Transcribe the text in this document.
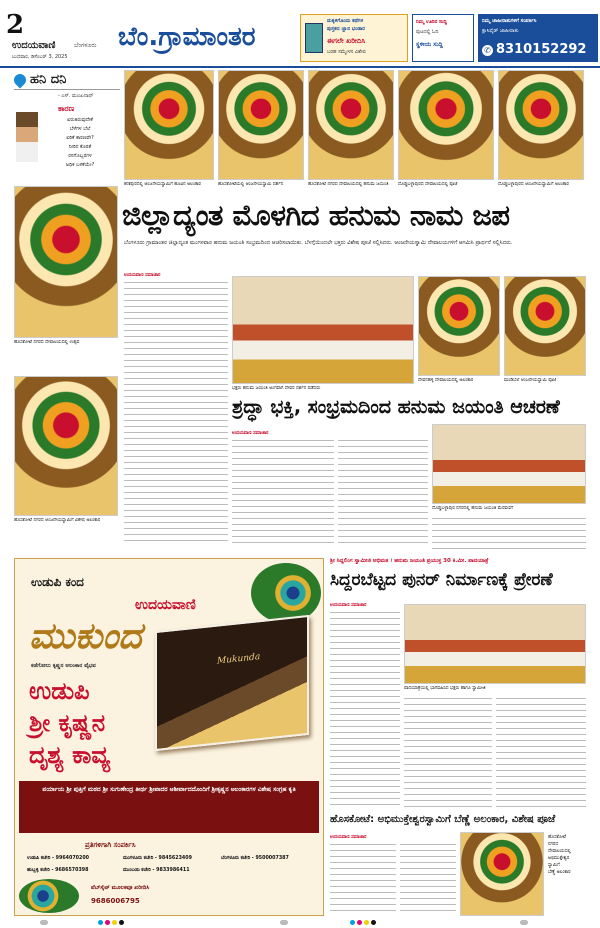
2
ಉದಯವಾಣಿ	ಬೆಂಗಳೂರು
ಬುಧವಾರ, ಡಿಸೆಂಬರ್ 3, 2025
ಬೆಂ.ಗ್ರಾಮಾಂತರ
ಮಕ್ಕಳಿಗೊಂದು ಕಥೆಗಳ
ಪುಸ್ತಕದ ಜ್ಞಾನ ಭಂಡಾರ
ಈಗಲೇ ಖರೀದಿಸಿ
ಬರಹ ಸಮ್ಮೇಳನ ವಿಶೇಷ
ನಿಮ್ಮ ಊರಿನ ಸುದ್ದಿ
ಪುಟದಲ್ಲಿ ಓದಿ
ಸ್ಥಳೀಯ ಸುದ್ದಿ
ನಿಮ್ಮ ಜಾಹೀರಾತುಗಳಿಗೆ ಸಂಪರ್ಕಿಸಿ
ಕ್ಲಾಸಿಫೈಡ್ ಜಾಹೀರಾತು
✆ 8310152292
ಹನಿ ದನಿ
- ಎಸ್. ಮಂಜುನಾಥ್
ಕಾರಣ
ಏರುತಿರುವುದೇಕೆ
ಬೆಳೆಗಳ ಬೆಲೆ
ಏರಿಕೆ ಕಾರಣವೇ?
ನೀರಿನ ಕೊರತೆ
ರಸಗೊಬ್ಬರಗಳ
ಅಧಿಕ ಬಳಕೆಯೇ?
ಕನಕಪುರದಲ್ಲಿ ಆಂಜನೇಯಸ್ವಾಮಿಗೆ ಹೂವಿನ ಅಲಂಕಾರ	ಹೊಸಕೋಟೆಯಲ್ಲಿ ಆಂಜನೇಯಸ್ವಾಮಿ ದರ್ಶನ	ಹೊಸಕೋಟೆ ನಗರದ ದೇವಾಲಯದಲ್ಲಿ ಹನುಮ ಜಯಂತಿ	ದೊಡ್ಡಬಳ್ಳಾಪುರದ ದೇವಾಲಯದಲ್ಲಿ ಪೂಜೆ	ದೊಡ್ಡಬಳ್ಳಾಪುರದ ಆಂಜನೇಯಸ್ವಾಮಿಗೆ ಅಲಂಕಾರ
ಜಿಲ್ಲಾದ್ಯಂತ ಮೊಳಗಿದ ಹನುಮ ನಾಮ ಜಪ
ಬೆಂಗಳೂರು ಗ್ರಾಮಾಂತರ ಜಿಲ್ಲಾದ್ಯಂತ ಮಂಗಳವಾರ ಹನುಮ ಜಯಂತಿ ಸಂಭ್ರಮದಿಂದ ಆಚರಿಸಲಾಯಿತು. ಬೆಳಗ್ಗೆಯಿಂದಲೇ ಭಕ್ತರು ವಿಶೇಷ ಪೂಜೆ ಸಲ್ಲಿಸಿದರು. ಆಂಜನೇಯಸ್ವಾಮಿ ದೇವಾಲಯಗಳಿಗೆ ಆಗಮಿಸಿ ಪ್ರಾರ್ಥನೆ ಸಲ್ಲಿಸಿದರು.
ಹೊಸಕೋಟೆ ನಗರದ ದೇವಾಲಯದಲ್ಲಿ ಉತ್ಸವ
ಹೊಸಕೋಟೆ ನಗರದ ಆಂಜನೇಯಸ್ವಾಮಿಗೆ ವಿಶೇಷ ಅಲಂಕಾರ
ಉದಯವಾಣಿ ಸಮಾಚಾರ
ಭಕ್ತರು ಹನುಮ ಜಯಂತಿ ಅಂಗವಾಗಿ ದೇವರ ದರ್ಶನ ಪಡೆದರು
ದೇವನಹಳ್ಳಿ ದೇವಾಲಯದಲ್ಲಿ ಅಲಂಕಾರ	ಮಂಡಿಬೆಲೆ ಆಂಜನೇಯಸ್ವಾಮಿ ಪೂಜೆ
ಶ್ರದ್ಧಾ ಭಕ್ತಿ, ಸಂಭ್ರಮದಿಂದ ಹನುಮ ಜಯಂತಿ ಆಚರಣೆ
ಉದಯವಾಣಿ ಸಮಾಚಾರ
ದೊಡ್ಡಬಳ್ಳಾಪುರ ನಗರದಲ್ಲಿ ಹನುಮ ಜಯಂತಿ ಮೆರವಣಿಗೆ
ಉಡುಪಿ ಕಂದ
ಉದಯವಾಣಿ
ಮುಕುಂದ
ಕಡೆಗೋಲು ಕೃಷ್ಣನ ಅಲಂಕಾರ ವೈಭವ
ಉಡುಪಿ
ಶ್ರೀ ಕೃಷ್ಣನ
ದೃಶ್ಯ ಕಾವ್ಯ
Mukunda
ಪರ್ಯಾಯ ಶ್ರೀ ಪುತ್ತಿಗೆ ಮಠದ ಶ್ರೀ ಸುಗುಣೇಂದ್ರ ತೀರ್ಥ ಶ್ರೀಪಾದರ ಆಶೀರ್ವಾದದೊಂದಿಗೆ ಶ್ರೀಕೃಷ್ಣನ ಅಲಂಕಾರಗಳ ವಿಶೇಷ ಸಂಗ್ರಹ ಕೃತಿ
ಪ್ರತಿಗಳಿಗಾಗಿ ಸಂಪರ್ಕಿಸಿ
ಉಡುಪಿ ಕಚೇರಿ - 9964070200	ಮಂಗಳೂರು ಕಚೇರಿ - 9845623409	ಬೆಂಗಳೂರು ಕಚೇರಿ - 9500007387
ಹುಬ್ಬಳ್ಳಿ ಕಚೇರಿ - 9686570398	ಮುಂಬಯಿ ಕಚೇರಿ - 9833986411
ವೆಬ್‌ಸೈಟ್ ಮೂಲಕವೂ ಖರೀದಿಸಿ
9686006795
ಶ್ರೀ ಸಿದ್ದಲಿಂಗ ಸ್ವಾಮೀಜಿ ಅಭಿಮತ । ಹನುಮ ಜಯಂತಿ ಪ್ರಯುಕ್ತ 30 ಕಿ.ಮೀ. ಪಾದಯಾತ್ರೆ
ಸಿದ್ದರಬೆಟ್ಟದ ಪುನರ್ ನಿರ್ಮಾಣಕ್ಕೆ ಪ್ರೇರಣೆ
ಉದಯವಾಣಿ ಸಮಾಚಾರ
ಪಾದಯಾತ್ರೆಯಲ್ಲಿ ಭಾಗವಹಿಸಿದ ಭಕ್ತರು ಹಾಗೂ ಸ್ವಾಮೀಜಿ
ಹೊಸಕೋಟೆ: ಅಭಿಮುಕ್ತೇಶ್ವರಸ್ವಾಮಿಗೆ ಬೆಣ್ಣೆ ಅಲಂಕಾರ, ವಿಶೇಷ ಪೂಜೆ
ಉದಯವಾಣಿ ಸಮಾಚಾರ	ಹೊಸಕೋಟೆ
ನಗರದ
ದೇವಾಲಯದಲ್ಲಿ
ಅಭಿಮುಕ್ತೇಶ್ವರ
ಸ್ವಾಮಿಗೆ
ಬೆಣ್ಣೆ ಅಲಂಕಾರ
